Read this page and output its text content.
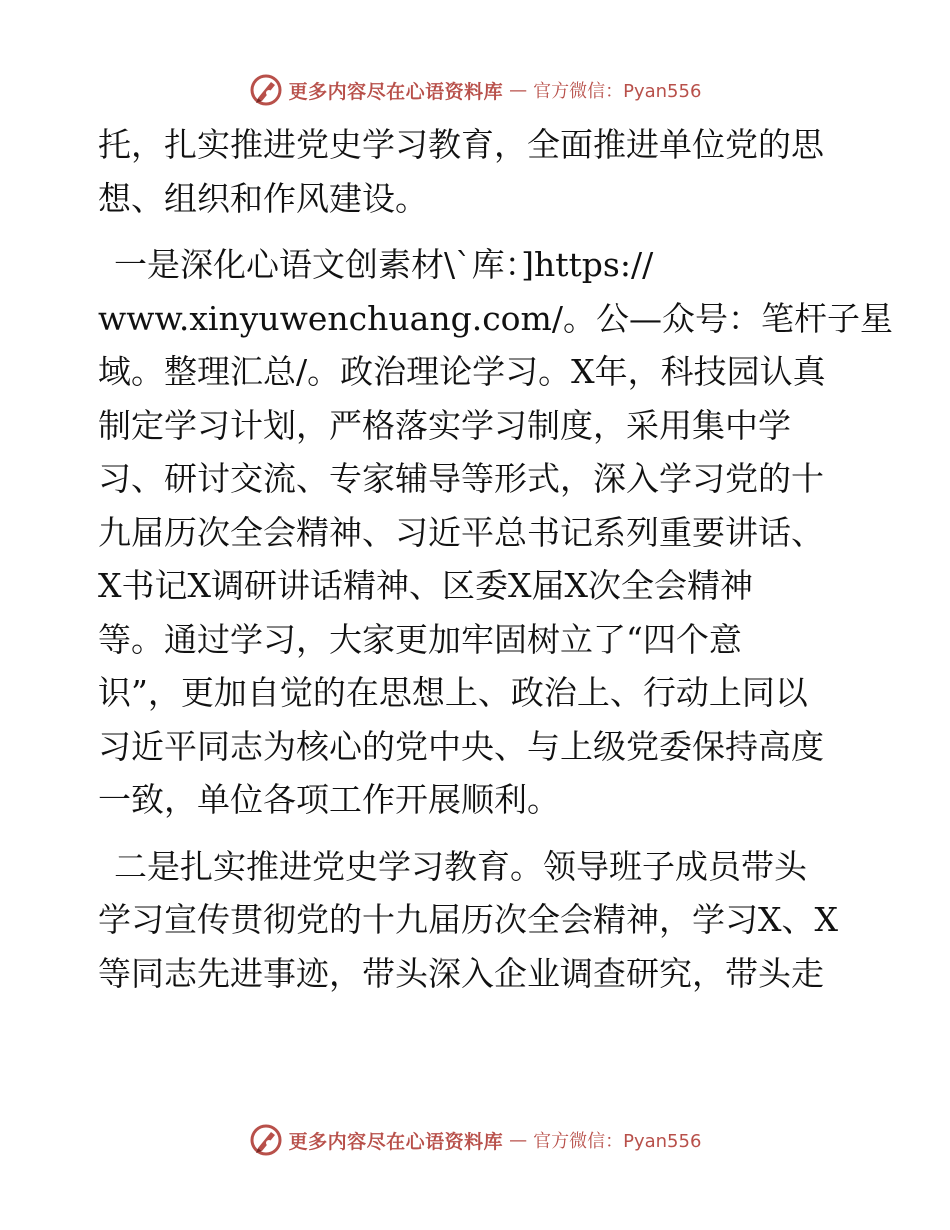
更多内容尽在心语资料库 — 官方微信：Pyan556

托，扎实推进党史学习教育，全面推进单位党的思
想、组织和作风建设。

一是深化心语文创素材\`库：]https://
www.xinyuwenchuang.com/。公—众号：笔杆子星
域。整理汇总/。政治理论学习。X年，科技园认真
制定学习计划，严格落实学习制度，采用集中学
习、研讨交流、专家辅导等形式，深入学习党的十
九届历次全会精神、习近平总书记系列重要讲话、
X书记X调研讲话精神、区委X届X次全会精神
等。通过学习，大家更加牢固树立了“四个意
识”，更加自觉的在思想上、政治上、行动上同以
习近平同志为核心的党中央、与上级党委保持高度
一致，单位各项工作开展顺利。

二是扎实推进党史学习教育。领导班子成员带头
学习宣传贯彻党的十九届历次全会精神，学习X、X
等同志先进事迹，带头深入企业调查研究，带头走

更多内容尽在心语资料库 — 官方微信：Pyan556
